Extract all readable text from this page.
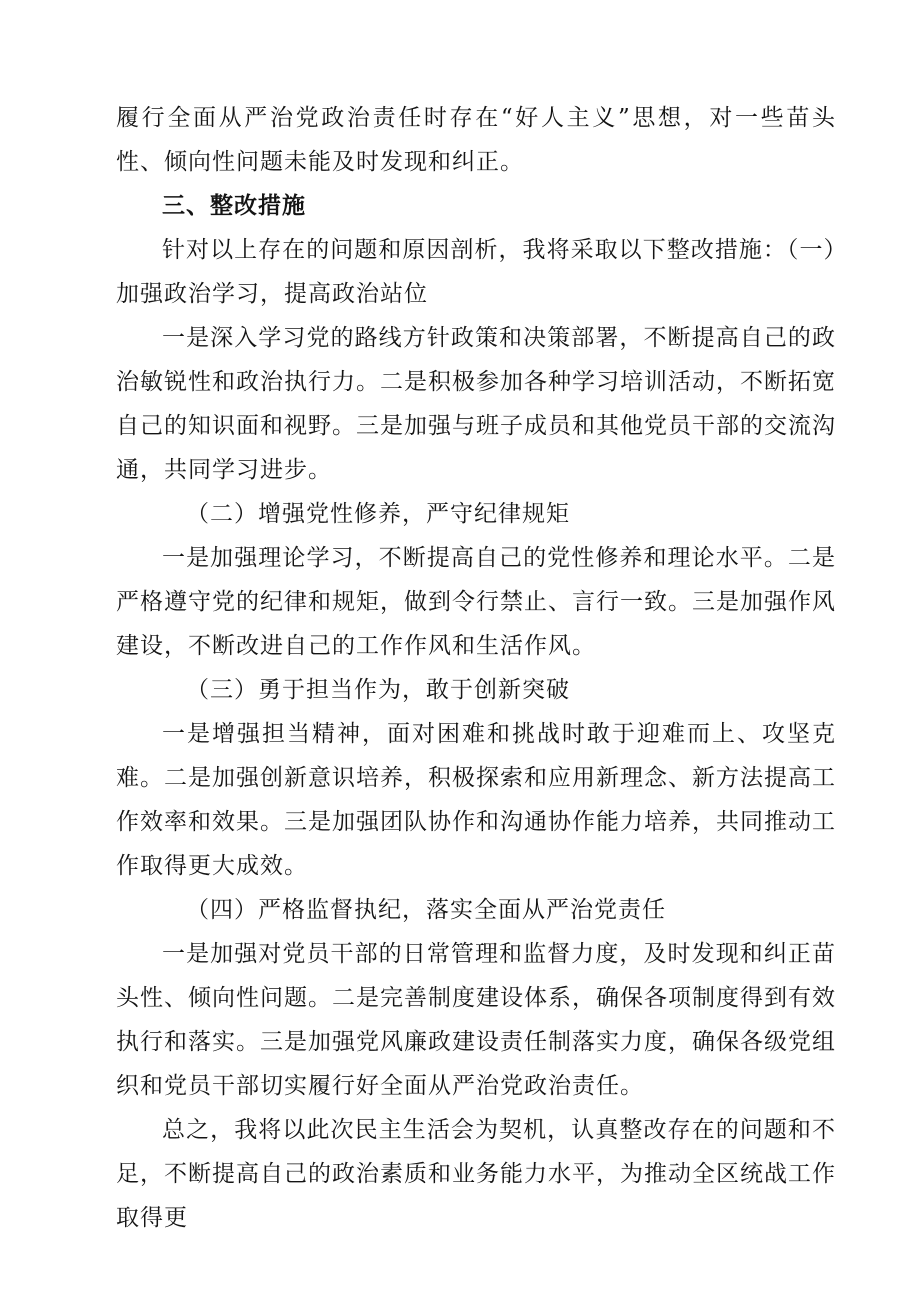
履行全面从严治党政治责任时存在“好人主义”思想，对一些苗头性、倾向性问题未能及时发现和纠正。

三、整改措施

针对以上存在的问题和原因剖析，我将采取以下整改措施：（一）加强政治学习，提高政治站位

一是深入学习党的路线方针政策和决策部署，不断提高自己的政治敏锐性和政治执行力。二是积极参加各种学习培训活动，不断拓宽自己的知识面和视野。三是加强与班子成员和其他党员干部的交流沟通，共同学习进步。

（二）增强党性修养，严守纪律规矩

一是加强理论学习，不断提高自己的党性修养和理论水平。二是严格遵守党的纪律和规矩，做到令行禁止、言行一致。三是加强作风建设，不断改进自己的工作作风和生活作风。

（三）勇于担当作为，敢于创新突破

一是增强担当精神，面对困难和挑战时敢于迎难而上、攻坚克难。二是加强创新意识培养，积极探索和应用新理念、新方法提高工作效率和效果。三是加强团队协作和沟通协作能力培养，共同推动工作取得更大成效。

（四）严格监督执纪，落实全面从严治党责任

一是加强对党员干部的日常管理和监督力度，及时发现和纠正苗头性、倾向性问题。二是完善制度建设体系，确保各项制度得到有效执行和落实。三是加强党风廉政建设责任制落实力度，确保各级党组织和党员干部切实履行好全面从严治党政治责任。

总之，我将以此次民主生活会为契机，认真整改存在的问题和不足，不断提高自己的政治素质和业务能力水平，为推动全区统战工作取得更
